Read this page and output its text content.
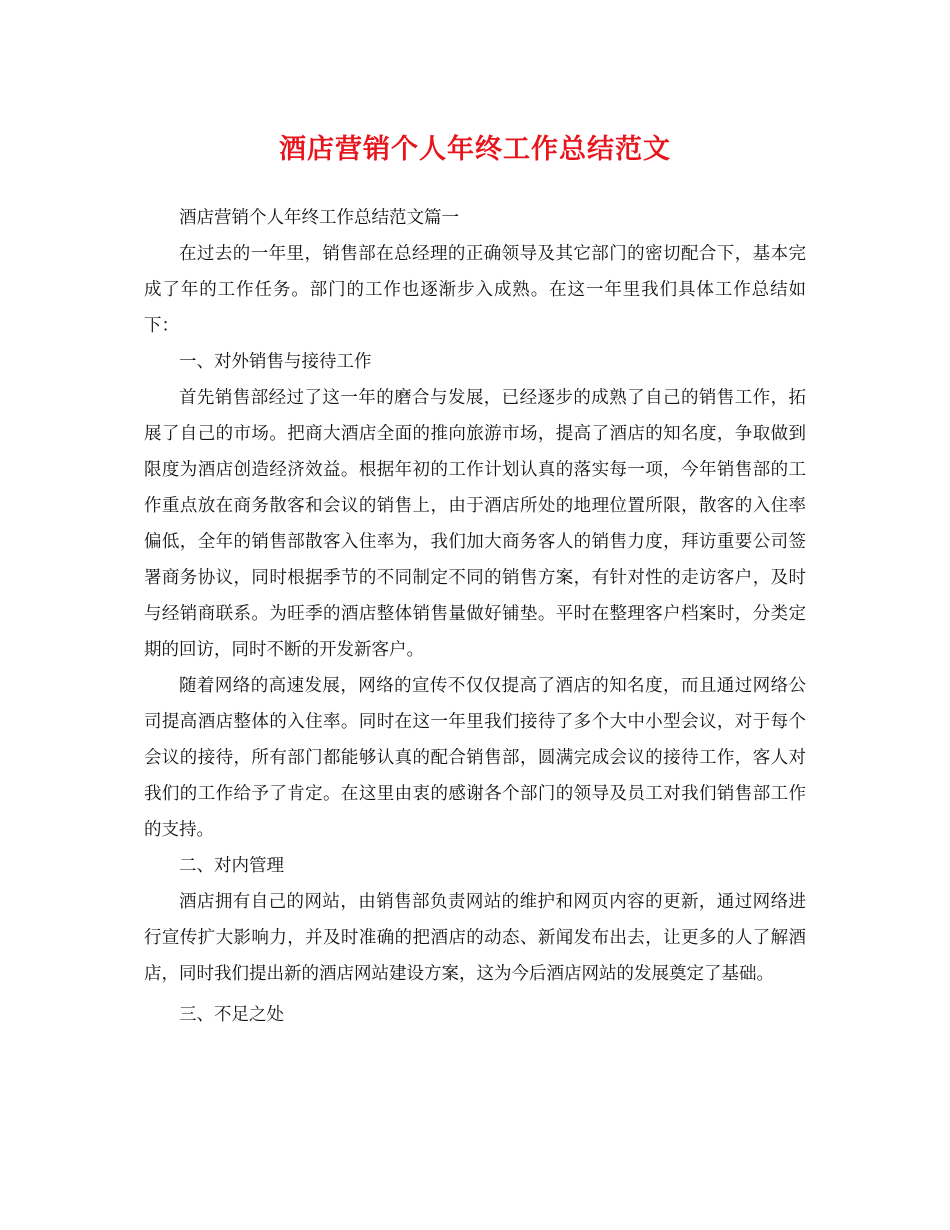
酒店营销个人年终工作总结范文

酒店营销个人年终工作总结范文篇一

在过去的一年里，销售部在总经理的正确领导及其它部门的密切配合下，基本完成了年的工作任务。部门的工作也逐渐步入成熟。在这一年里我们具体工作总结如下：

一、对外销售与接待工作

首先销售部经过了这一年的磨合与发展，已经逐步的成熟了自己的销售工作，拓展了自己的市场。把商大酒店全面的推向旅游市场，提高了酒店的知名度，争取做到限度为酒店创造经济效益。根据年初的工作计划认真的落实每一项，今年销售部的工作重点放在商务散客和会议的销售上，由于酒店所处的地理位置所限，散客的入住率偏低，全年的销售部散客入住率为，我们加大商务客人的销售力度，拜访重要公司签署商务协议，同时根据季节的不同制定不同的销售方案，有针对性的走访客户，及时与经销商联系。为旺季的酒店整体销售量做好铺垫。平时在整理客户档案时，分类定期的回访，同时不断的开发新客户。

随着网络的高速发展，网络的宣传不仅仅提高了酒店的知名度，而且通过网络公司提高酒店整体的入住率。同时在这一年里我们接待了多个大中小型会议，对于每个会议的接待，所有部门都能够认真的配合销售部，圆满完成会议的接待工作，客人对我们的工作给予了肯定。在这里由衷的感谢各个部门的领导及员工对我们销售部工作的支持。

二、对内管理

酒店拥有自己的网站，由销售部负责网站的维护和网页内容的更新，通过网络进行宣传扩大影响力，并及时准确的把酒店的动态、新闻发布出去，让更多的人了解酒店，同时我们提出新的酒店网站建设方案，这为今后酒店网站的发展奠定了基础。

三、不足之处
